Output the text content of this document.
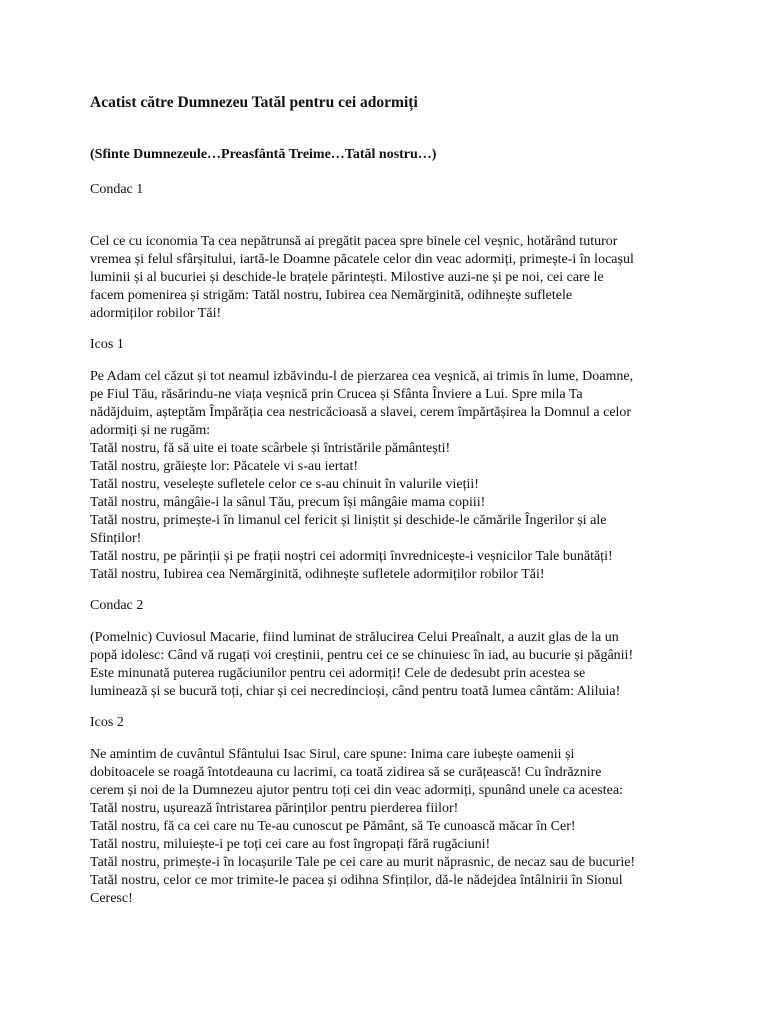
Acatist către Dumnezeu Tatăl pentru cei adormiți
(Sfinte Dumnezeule…Preasfântă Treime…Tatăl nostru…)
Condac 1
Cel ce cu iconomia Ta cea nepătrunsă ai pregătit pacea spre binele cel veșnic, hotărând tuturor
vremea și felul sfârșitului, iartă-le Doamne păcatele celor din veac adormiți, primește-i în locașul
luminii și al bucuriei și deschide-le brațele părintești. Milostive auzi-ne și pe noi, cei care le
facem pomenirea și strigăm: Tatăl nostru, Iubirea cea Nemărginită, odihnește sufletele
adormiților robilor Tăi!
Icos 1
Pe Adam cel căzut și tot neamul izbăvindu-l de pierzarea cea veșnică, ai trimis în lume, Doamne,
pe Fiul Tău, răsărindu-ne viața veșnică prin Crucea și Sfânta Înviere a Lui. Spre mila Ta
nădăjduim, așteptăm Împărăția cea nestricăcioasă a slavei, cerem împărtășirea la Domnul a celor
adormiți și ne rugăm:
Tatăl nostru, fă să uite ei toate scârbele și întristările pământești!
Tatăl nostru, grăiește lor: Păcatele vi s-au iertat!
Tatăl nostru, veselește sufletele celor ce s-au chinuit în valurile vieții!
Tatăl nostru, mângâie-i la sânul Tău, precum își mângâie mama copiii!
Tatăl nostru, primește-i în limanul cel fericit și liniștit și deschide-le cămările Îngerilor și ale
Sfinților!
Tatăl nostru, pe părinții și pe frații noștri cei adormiți învrednicește-i veșnicilor Tale bunătăți!
Tatăl nostru, Iubirea cea Nemărginită, odihnește sufletele adormiților robilor Tăi!
Condac 2
(Pomelnic) Cuviosul Macarie, fiind luminat de strălucirea Celui Preaînalt, a auzit glas de la un
popă idolesc: Când vă rugați voi creștinii, pentru cei ce se chinuiesc în iad, au bucurie și păgânii!
Este minunată puterea rugăciunilor pentru cei adormiți! Cele de dedesubt prin acestea se
luminează și se bucură toți, chiar și cei necredincioși, când pentru toată lumea cântăm: Aliluia!
Icos 2
Ne amintim de cuvântul Sfântului Isac Sirul, care spune: Inima care iubește oamenii și
dobitoacele se roagă întotdeauna cu lacrimi, ca toată zidirea să se curățească! Cu îndrăznire
cerem și noi de la Dumnezeu ajutor pentru toți cei din veac adormiți, spunând unele ca acestea:
Tatăl nostru, ușurează întristarea părinților pentru pierderea fiilor!
Tatăl nostru, fă ca cei care nu Te-au cunoscut pe Pământ, să Te cunoască măcar în Cer!
Tatăl nostru, miluiește-i pe toți cei care au fost îngropați fără rugăciuni!
Tatăl nostru, primește-i în locașurile Tale pe cei care au murit năprasnic, de necaz sau de bucurie!
Tatăl nostru, celor ce mor trimite-le pacea și odihna Sfinților, dă-le nădejdea întâlnirii în Sionul
Ceresc!
